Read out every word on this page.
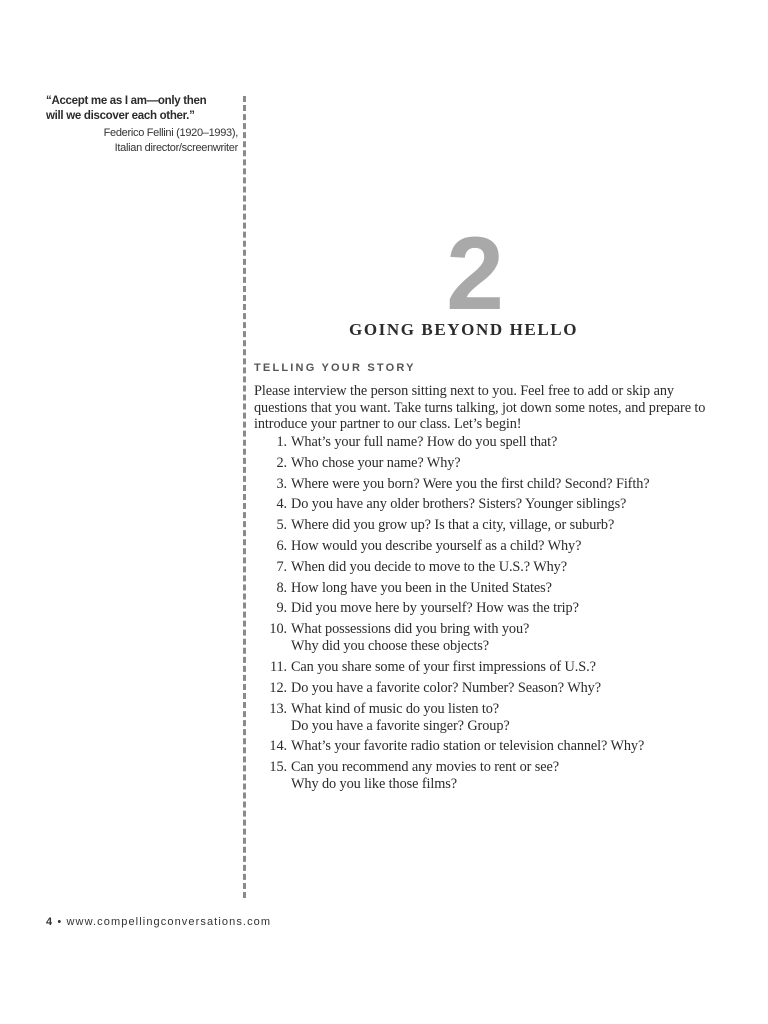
“Accept me as I am—only then
will we discover each other.”

Federico Fellini (1920–1993),
Italian director/screenwriter

2
GOING BEYOND HELLO
TELLING YOUR STORY

Please interview the person sitting next to you. Feel free to add or skip any questions that you want. Take turns talking, jot down some notes, and prepare to introduce your partner to our class. Let’s begin!

1. What’s your full name? How do you spell that?
2. Who chose your name? Why?
3. Where were you born? Were you the first child? Second? Fifth?
4. Do you have any older brothers? Sisters? Younger siblings?
5. Where did you grow up? Is that a city, village, or suburb?
6. How would you describe yourself as a child? Why?
7. When did you decide to move to the U.S.? Why?
8. How long have you been in the United States?
9. Did you move here by yourself? How was the trip?
10. What possessions did you bring with you?
Why did you choose these objects?
11. Can you share some of your first impressions of U.S.?
12. Do you have a favorite color? Number? Season? Why?
13. What kind of music do you listen to?
Do you have a favorite singer? Group?
14. What’s your favorite radio station or television channel? Why?
15. Can you recommend any movies to rent or see?
Why do you like those films?
4 • www.compellingconversations.com
